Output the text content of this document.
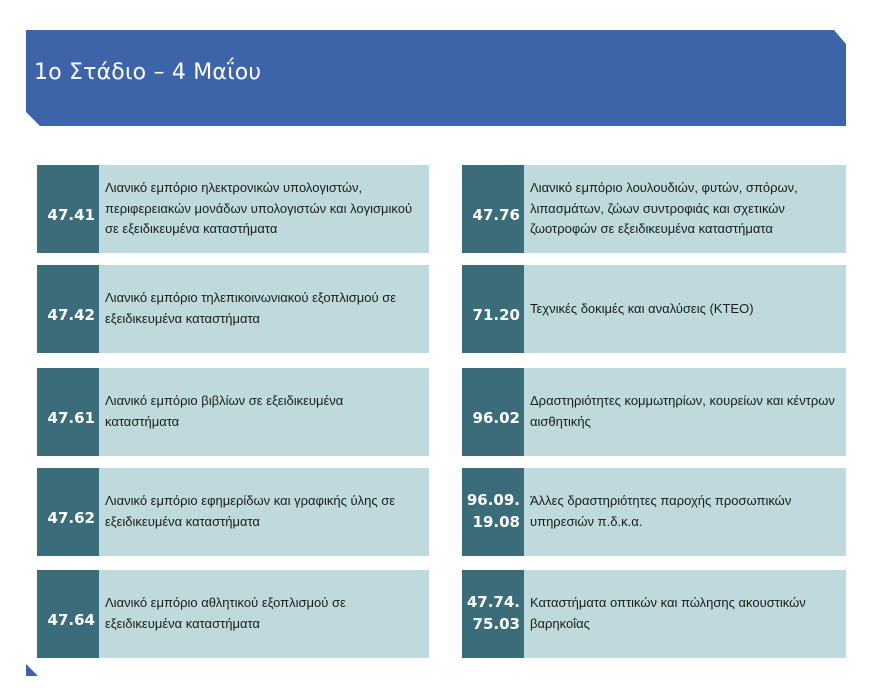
1ο Στάδιο – 4 Μαΐου
47.41
Λιανικό εμπόριο ηλεκτρονικών υπολογιστών, περιφερειακών μονάδων υπολογιστών και λογισμικού σε εξειδικευμένα καταστήματα
47.42
Λιανικό εμπόριο τηλεπικοινωνιακού εξοπλισμού σε εξειδικευμένα καταστήματα
47.61
Λιανικό εμπόριο βιβλίων σε εξειδικευμένα καταστήματα
47.62
Λιανικό εμπόριο εφημερίδων και γραφικής ύλης σε εξειδικευμένα καταστήματα
47.64
Λιανικό εμπόριο αθλητικού εξοπλισμού σε εξειδικευμένα καταστήματα
47.76
Λιανικό εμπόριο λουλουδιών, φυτών, σπόρων, λιπασμάτων, ζώων συντροφιάς και σχετικών ζωοτροφών σε εξειδικευμένα καταστήματα
71.20 Τεχνικές δοκιμές και αναλύσεις (ΚΤΕΟ)
96.02
Δραστηριότητες κομμωτηρίων, κουρείων και κέντρων αισθητικής
96.09.
19.08
Άλλες δραστηριότητες παροχής προσωπικών υπηρεσιών π.δ.κ.α.
47.74.
75.03
Καταστήματα οπτικών και πώλησης ακουστικών βαρηκοΐας
